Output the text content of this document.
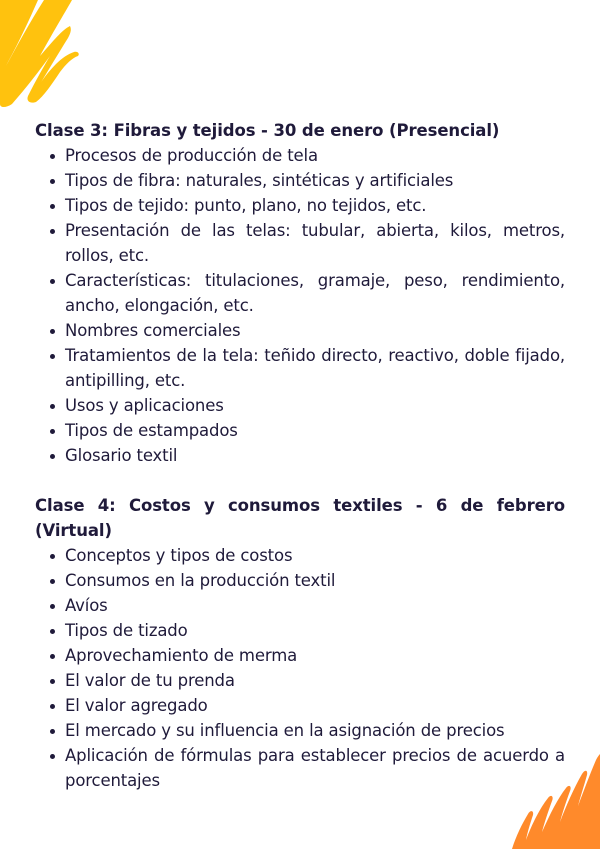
Clase 3: Fibras y tejidos - 30 de enero (Presencial)
Procesos de producción de tela
Tipos de fibra: naturales, sintéticas y artificiales
Tipos de tejido: punto, plano, no tejidos, etc.
Presentación de las telas: tubular, abierta, kilos, metros, rollos, etc.
Características: titulaciones, gramaje, peso, rendimiento, ancho, elongación, etc.
Nombres comerciales
Tratamientos de la tela: teñido directo, reactivo, doble fijado, antipilling, etc.
Usos y aplicaciones
Tipos de estampados
Glosario textil
Clase 4: Costos y consumos textiles - 6 de febrero (Virtual)
Conceptos y tipos de costos
Consumos en la producción textil
Avíos
Tipos de tizado
Aprovechamiento de merma
El valor de tu prenda
El valor agregado
El mercado y su influencia en la asignación de precios
Aplicación de fórmulas para establecer precios de acuerdo a porcentajes
